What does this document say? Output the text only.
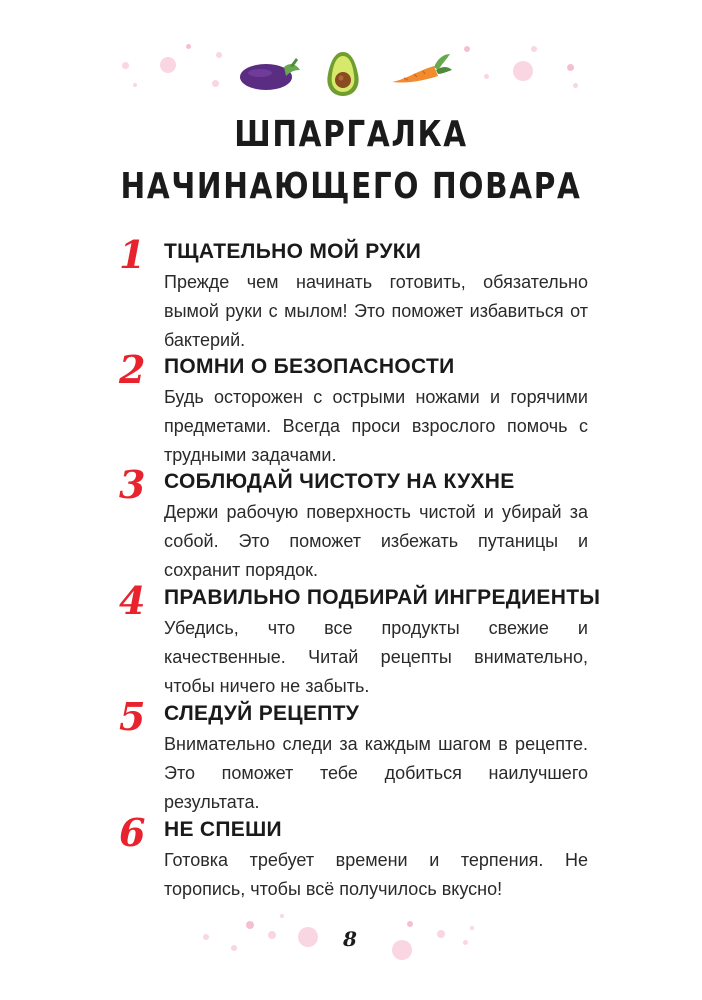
ШПАРГАЛКА
НАЧИНАЮЩЕГО ПОВАРА
1 ТЩАТЕЛЬНО МОЙ РУКИ
Прежде чем начинать готовить, обязательно вымой руки с мылом! Это поможет избавиться от бактерий.
2 ПОМНИ О БЕЗОПАСНОСТИ
Будь осторожен с острыми ножами и горячими предметами. Всегда проси взрослого помочь с трудными задачами.
3 СОБЛЮДАЙ ЧИСТОТУ НА КУХНЕ
Держи рабочую поверхность чистой и убирай за собой. Это поможет избежать путаницы и сохранит порядок.
4 ПРАВИЛЬНО ПОДБИРАЙ ИНГРЕДИЕНТЫ
Убедись, что все продукты свежие и качественные. Читай рецепты внимательно, чтобы ничего не забыть.
5 СЛЕДУЙ РЕЦЕПТУ
Внимательно следи за каждым шагом в рецепте. Это поможет тебе добиться наилучшего результата.
6 НЕ СПЕШИ
Готовка требует времени и терпения. Не торопись, чтобы всё получилось вкусно!
8
